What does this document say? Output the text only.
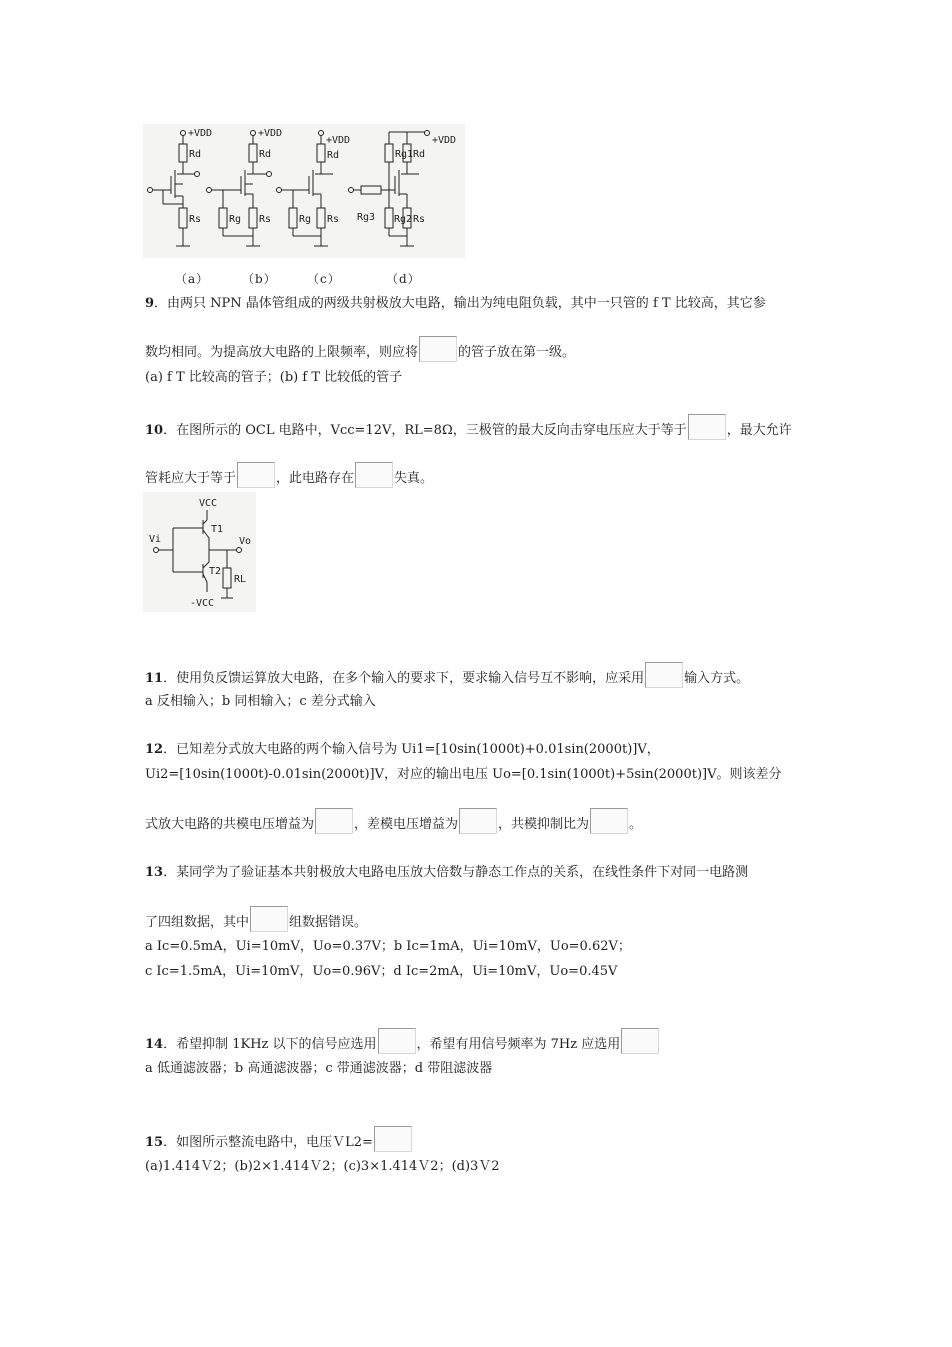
+VDD
Rd
Rs
+VDD
Rd
Rg Rs
+VDD
Rd
Rg Rs
+VDD
Rg1 Rd
Rg3 Rg2 Rs
（a）	（b）	（c）	（d）
9．由两只 NPN 晶体管组成的两级共射极放大电路，输出为纯电阻负载，其中一只管的 f T 比较高，其它参
数均相同。为提高放大电路的上限频率，则应将	的管子放在第一级。
(a) f T 比较高的管子；(b) f T 比较低的管子
10．在图所示的 OCL 电路中，Vcc=12V，RL=8Ω，三极管的最大反向击穿电压应大于等于	，最大允许
管耗应大于等于	，此电路存在	失真。
VCC
T1
Vi	Vo
T2
RL
-VCC
11．使用负反馈运算放大电路，在多个输入的要求下，要求输入信号互不影响，应采用	输入方式。
a 反相输入；b 同相输入；c 差分式输入
12．已知差分式放大电路的两个输入信号为 Ui1=[10sin(1000t)+0.01sin(2000t)]V，
Ui2=[10sin(1000t)-0.01sin(2000t)]V，对应的输出电压 Uo=[0.1sin(1000t)+5sin(2000t)]V。则该差分
式放大电路的共模电压增益为	，差模电压增益为	，共模抑制比为	。
13．某同学为了验证基本共射极放大电路电压放大倍数与静态工作点的关系，在线性条件下对同一电路测
了四组数据，其中	组数据错误。
a Ic=0.5mA，Ui=10mV，Uo=0.37V；b Ic=1mA，Ui=10mV，Uo=0.62V；
c Ic=1.5mA，Ui=10mV，Uo=0.96V；d Ic=2mA，Ui=10mV，Uo=0.45V
14．希望抑制 1KHz 以下的信号应选用	，希望有用信号频率为 7Hz 应选用
a 低通滤波器；b 高通滤波器；c 带通滤波器；d 带阻滤波器
15．如图所示整流电路中，电压ＶL2=
(a)1.414Ｖ2；(b)2×1.414Ｖ2；(c)3×1.414Ｖ2；(d)3Ｖ2
